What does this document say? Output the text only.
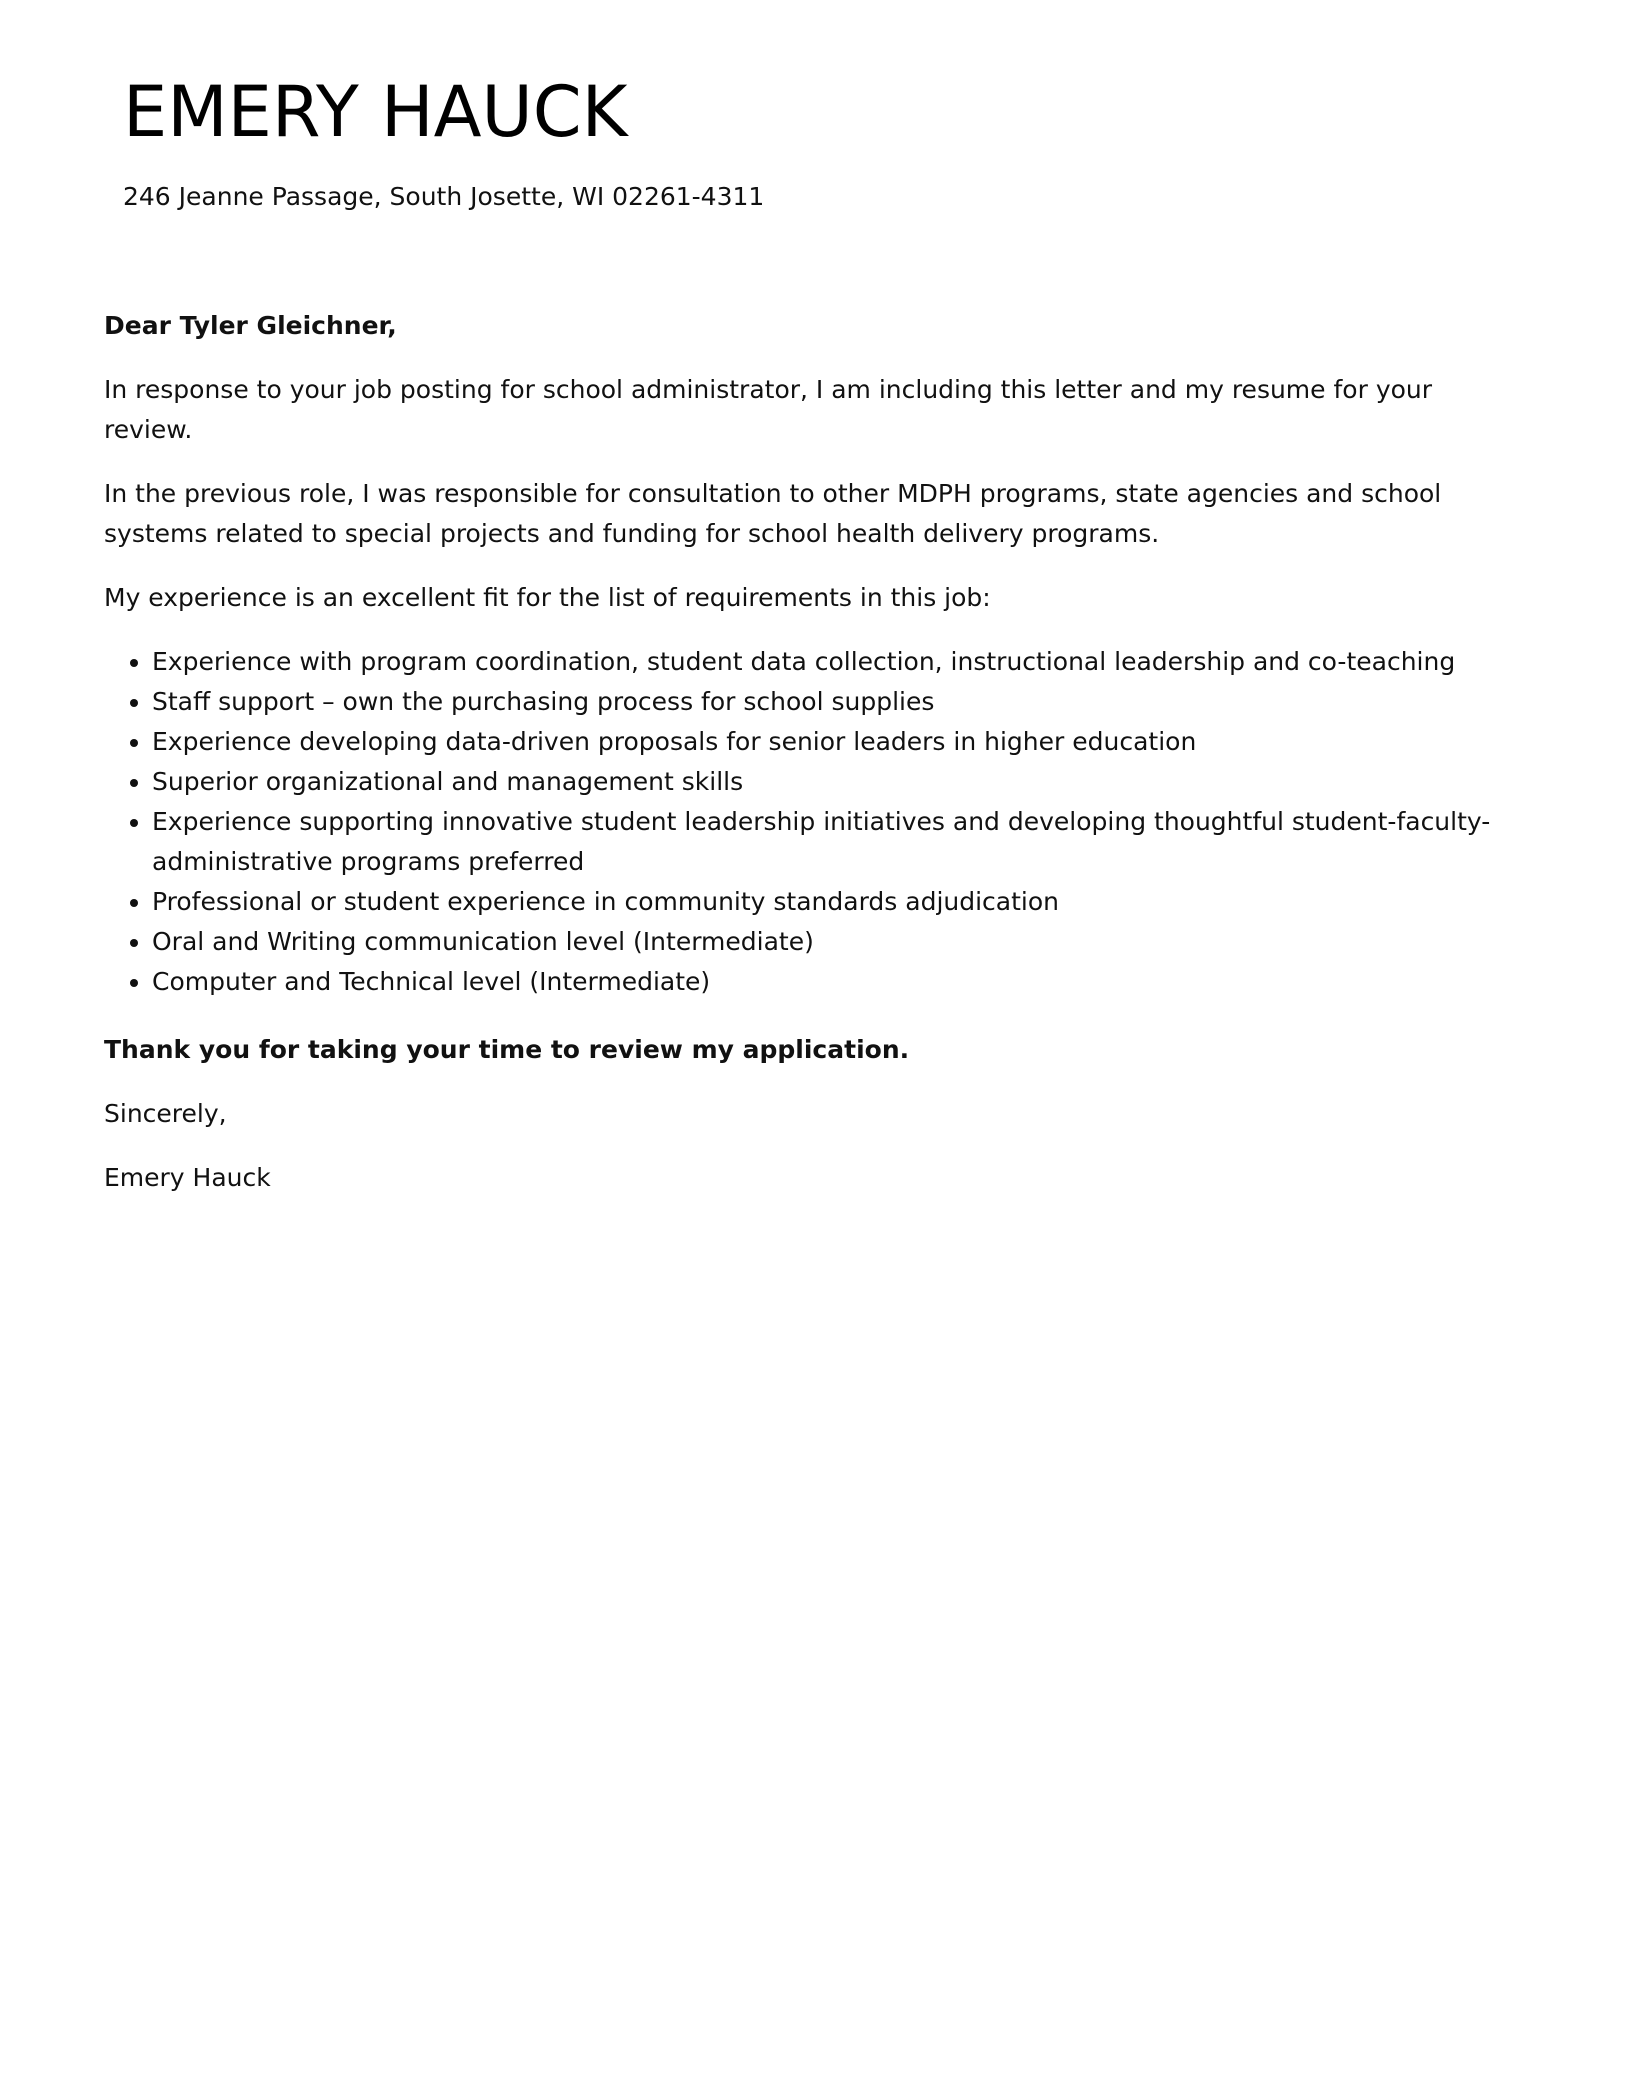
EMERY HAUCK
246 Jeanne Passage, South Josette, WI 02261-4311

Dear Tyler Gleichner,

In response to your job posting for school administrator, I am including this letter and my resume for your review.

In the previous role, I was responsible for consultation to other MDPH programs, state agencies and school systems related to special projects and funding for school health delivery programs.

My experience is an excellent fit for the list of requirements in this job:

• Experience with program coordination, student data collection, instructional leadership and co-teaching
• Staff support – own the purchasing process for school supplies
• Experience developing data-driven proposals for senior leaders in higher education
• Superior organizational and management skills
• Experience supporting innovative student leadership initiatives and developing thoughtful student-faculty-administrative programs preferred
• Professional or student experience in community standards adjudication
• Oral and Writing communication level (Intermediate)
• Computer and Technical level (Intermediate)

Thank you for taking your time to review my application.

Sincerely,

Emery Hauck
